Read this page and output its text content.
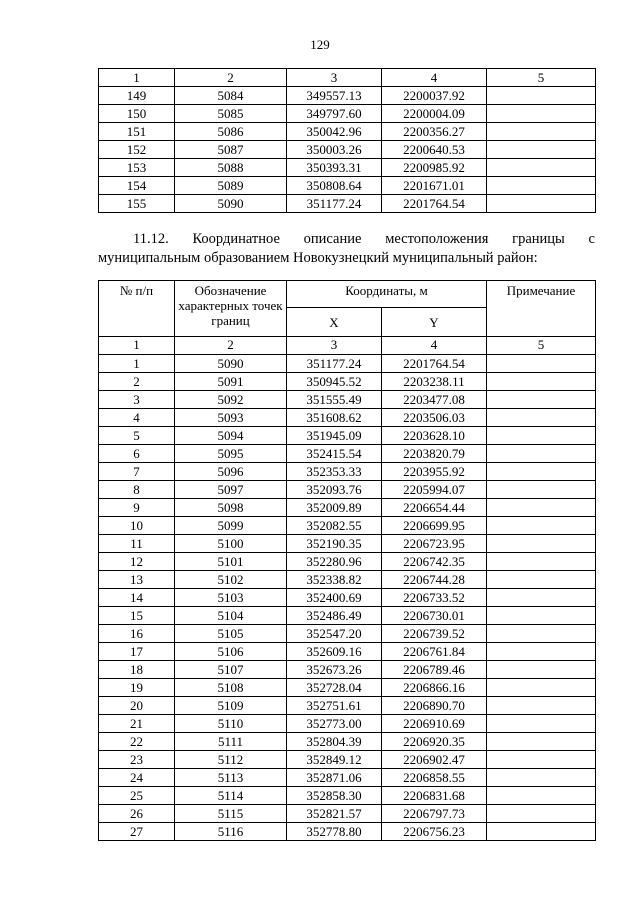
129
1	2	3	4	5
149	5084	349557.13	2200037.92	
150	5085	349797.60	2200004.09	
151	5086	350042.96	2200356.27	
152	5087	350003.26	2200640.53	
153	5088	350393.31	2200985.92	
154	5089	350808.64	2201671.01	
155	5090	351177.24	2201764.54	
11.12. Координатное описание местоположения границы с
муниципальным образованием Новокузнецкий муниципальный район:
№ п/п	Обозначение характерных точек границ	Координаты, м		Примечание
		X	Y	
1	2	3	4	5
1	5090	351177.24	2201764.54	
2	5091	350945.52	2203238.11	
3	5092	351555.49	2203477.08	
4	5093	351608.62	2203506.03	
5	5094	351945.09	2203628.10	
6	5095	352415.54	2203820.79	
7	5096	352353.33	2203955.92	
8	5097	352093.76	2205994.07	
9	5098	352009.89	2206654.44	
10	5099	352082.55	2206699.95	
11	5100	352190.35	2206723.95	
12	5101	352280.96	2206742.35	
13	5102	352338.82	2206744.28	
14	5103	352400.69	2206733.52	
15	5104	352486.49	2206730.01	
16	5105	352547.20	2206739.52	
17	5106	352609.16	2206761.84	
18	5107	352673.26	2206789.46	
19	5108	352728.04	2206866.16	
20	5109	352751.61	2206890.70	
21	5110	352773.00	2206910.69	
22	5111	352804.39	2206920.35	
23	5112	352849.12	2206902.47	
24	5113	352871.06	2206858.55	
25	5114	352858.30	2206831.68	
26	5115	352821.57	2206797.73	
27	5116	352778.80	2206756.23	
